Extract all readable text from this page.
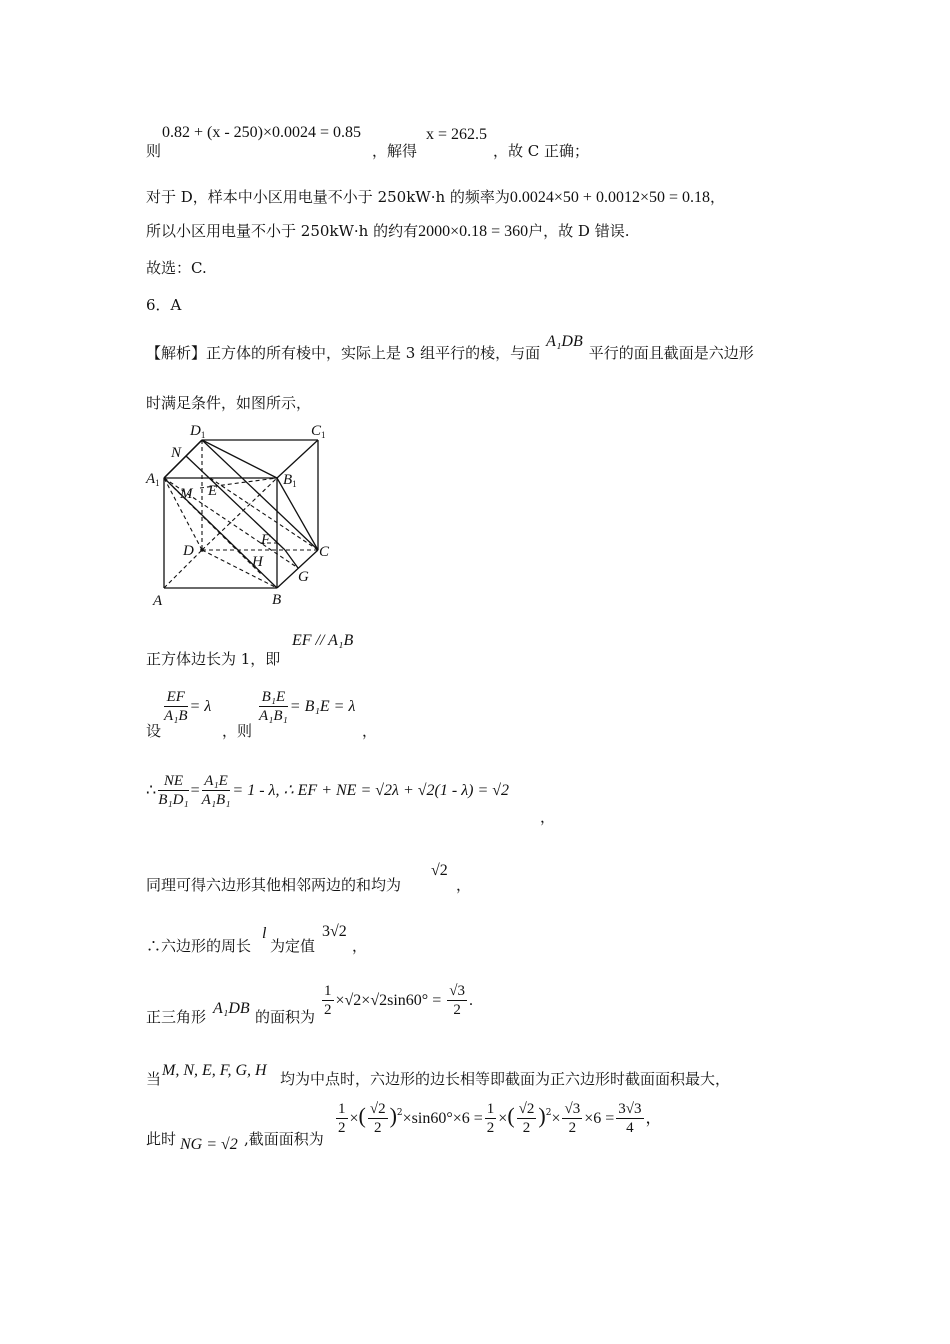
则
0.82 + (x - 250)×0.0024 = 0.85
，解得
x = 262.5
，故 C 正确；
对于 D，样本中小区用电量不小于 250kW·h 的频率为0.0024×50 + 0.0012×50 = 0.18，
所以小区用电量不小于 250kW·h 的约有2000×0.18 = 360户，故 D 错误.
故选：C.
6．A
【解析】正方体的所有棱中，实际上是 3 组平行的棱，与面A₁DB平行的面且截面是六边形
时满足条件，如图所示，
$D_1$	$C_1$
N
$A_1$	$B_1$
M E
D
F
C
H
G
A	B
正方体边长为 1，即
EF // A₁B
设
$\frac{EF}{\text{A₁B}} = \lambda$
，则
$\frac{\text{B₁E}}{\text{A₁B₁}} = B_1E = \lambda$
，
∴ $\frac{NE}{\text{B₁D₁}} = \frac{\text{A₁E}}{\text{A₁B₁}} = 1 - \lambda$, ∴ EF + NE = √2λ + √2(1 - λ) = √2
，
同理可得六边形其他相邻两边的和均为
√2
，
∴六边形的周长
l
为定值
3√2
，
正三角形 A₁DB 的面积为 $\frac{1}{2} \times√2\times√2\sin 60^\circ = \frac{√3}{2}$ .
当 M, N, E, F, G, H 均为中点时，六边形的边长相等即截面为正六边形时截面面积最大，
此时 NG = √2 ,截面面积为
$\frac{1}{2}$ ×( $\frac{√2}{2} )^2\times\sin 60^\circ\times 6 = \frac{1}{2}$ ×( $\frac{√2}{2} )^2\times \frac{√3}{2} \times 6 = \frac{3√3}{4}$ ，
